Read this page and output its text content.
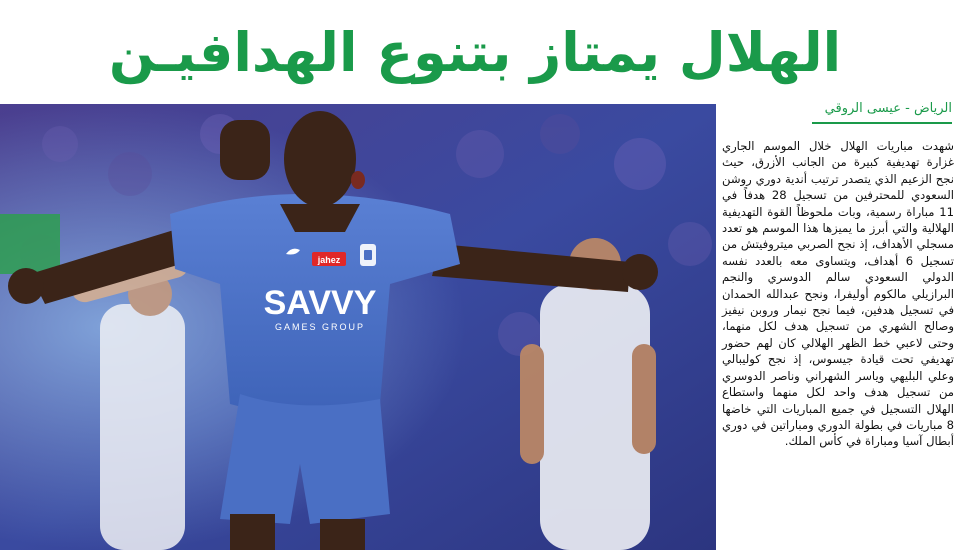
الهلال يمتاز بتنوع الهدافيـن
SAVVY
GAMES GROUP
jahez
الرياض - عيسى الروقي

شهدت مباريات الهلال خلال الموسم الجاري غزارة تهديفية كبيرة من الجانب الأزرق، حيث نجح الزعيم الذي يتصدر ترتيب أندية دوري روشن السعودي للمحترفين من تسجيل 28 هدفاً في 11 مباراة رسمية، وبات ملحوظاً القوة التهديفية الهلالية والتي أبرز ما يميزها هذا الموسم هو تعدد مسجلي الأهداف، إذ نجح الصربي ميتروفيتش من تسجيل 6 أهداف، ويتساوى معه بالعدد نفسه الدولي السعودي سالم الدوسري والنجم البرازيلي مالكوم أوليفرا، ونجح عبدالله الحمدان في تسجيل هدفين، فيما نجح نيمار وروبن نيفيز وصالح الشهري من تسجيل هدف لكل منهما، وحتى لاعبي خط الظهر الهلالي كان لهم حضور تهديفي تحت قيادة جيسوس، إذ نجح كوليبالي وعلي البليهي وياسر الشهراني وناصر الدوسري من تسجيل هدف واحد لكل منهما واستطاع الهلال التسجيل في جميع المباريات التي خاضها 8 مباريات في بطولة الدوري ومباراتين في دوري أبطال آسيا ومباراة في كأس الملك.
